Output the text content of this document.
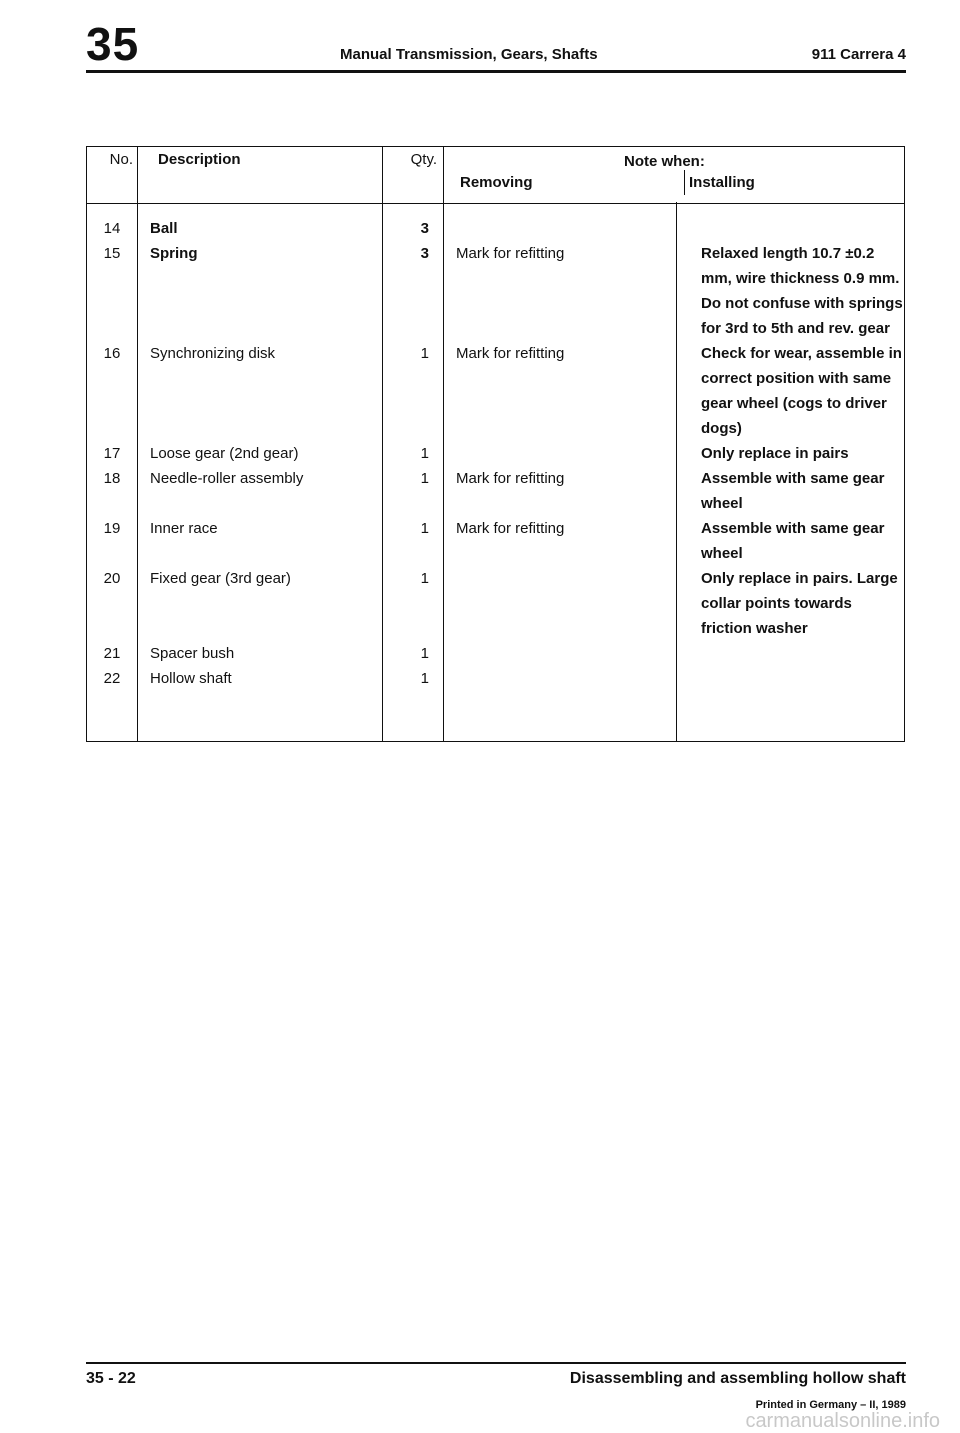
35	Manual Transmission, Gears, Shafts	911 Carrera 4
No.	Description	Qty.	Note when:
Removing	Installing
14	Ball	3		
15	Spring	3	Mark for refitting	Relaxed length 10.7 ±0.2 mm, wire thickness 0.9 mm. Do not confuse with springs for 3rd to 5th and rev. gear
16	Synchronizing disk	1	Mark for refitting	Check for wear, assemble in correct position with same gear wheel (cogs to driver dogs)
17	Loose gear (2nd gear)	1		Only replace in pairs
18	Needle-roller assembly	1	Mark for refitting	Assemble with same gear wheel
19	Inner race	1	Mark for refitting	Assemble with same gear wheel
20	Fixed gear (3rd gear)	1		Only replace in pairs. Large collar points towards friction washer
21	Spacer bush	1		
22	Hollow shaft	1		
35 - 22	Disassembling and assembling hollow shaft
Printed in Germany – II, 1989
carmanualsonline.info
